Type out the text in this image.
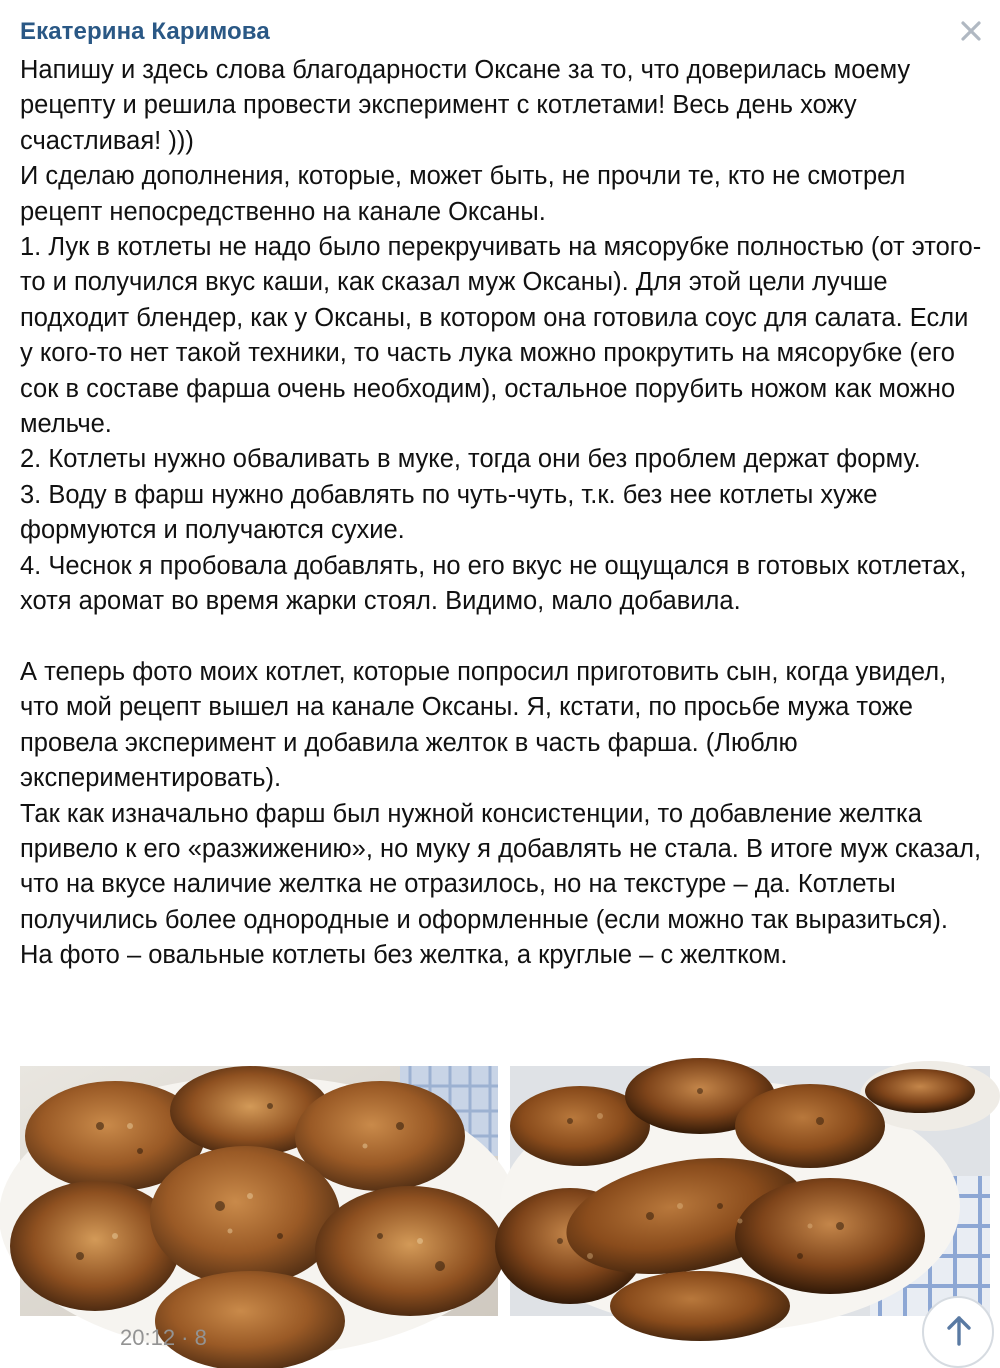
Екатерина Каримова
Напишу и здесь слова благодарности Оксане за то, что доверилась моему рецепту и решила провести эксперимент с котлетами! Весь день хожу счастливая! )))
И сделаю дополнения, которые, может быть, не прочли те, кто не смотрел рецепт непосредственно на канале Оксаны.
1. Лук в котлеты не надо было перекручивать на мясорубке полностью (от этого-то и получился вкус каши, как сказал муж Оксаны). Для этой цели лучше подходит блендер, как у Оксаны, в котором она готовила соус для салата. Если у кого-то нет такой техники, то часть лука можно прокрутить на мясорубке (его сок в составе фарша очень необходим), остальное порубить ножом как можно мельче.
2. Котлеты нужно обваливать в муке, тогда они без проблем держат форму.
3. Воду в фарш нужно добавлять по чуть-чуть, т.к. без нее котлеты хуже формуются и получаются сухие.
4. Чеснок я пробовала добавлять, но его вкус не ощущался в готовых котлетах, хотя аромат во время жарки стоял. Видимо, мало добавила.

А теперь фото моих котлет, которые попросил приготовить сын, когда увидел, что мой рецепт вышел на канале Оксаны. Я, кстати, по просьбе мужа тоже провела эксперимент и добавила желток в часть фарша. (Люблю экспериментировать).
Так как изначально фарш был нужной консистенции, то добавление желтка привело к его «разжижению», но муку я добавлять не стала. В итоге муж сказал, что на вкусе наличие желтка не отразилось, но на текстуре – да. Котлеты получились более однородные и оформленные (если можно так выразиться).
На фото – овальные котлеты без желтка, а круглые – с желтком.
20:12 · 8
